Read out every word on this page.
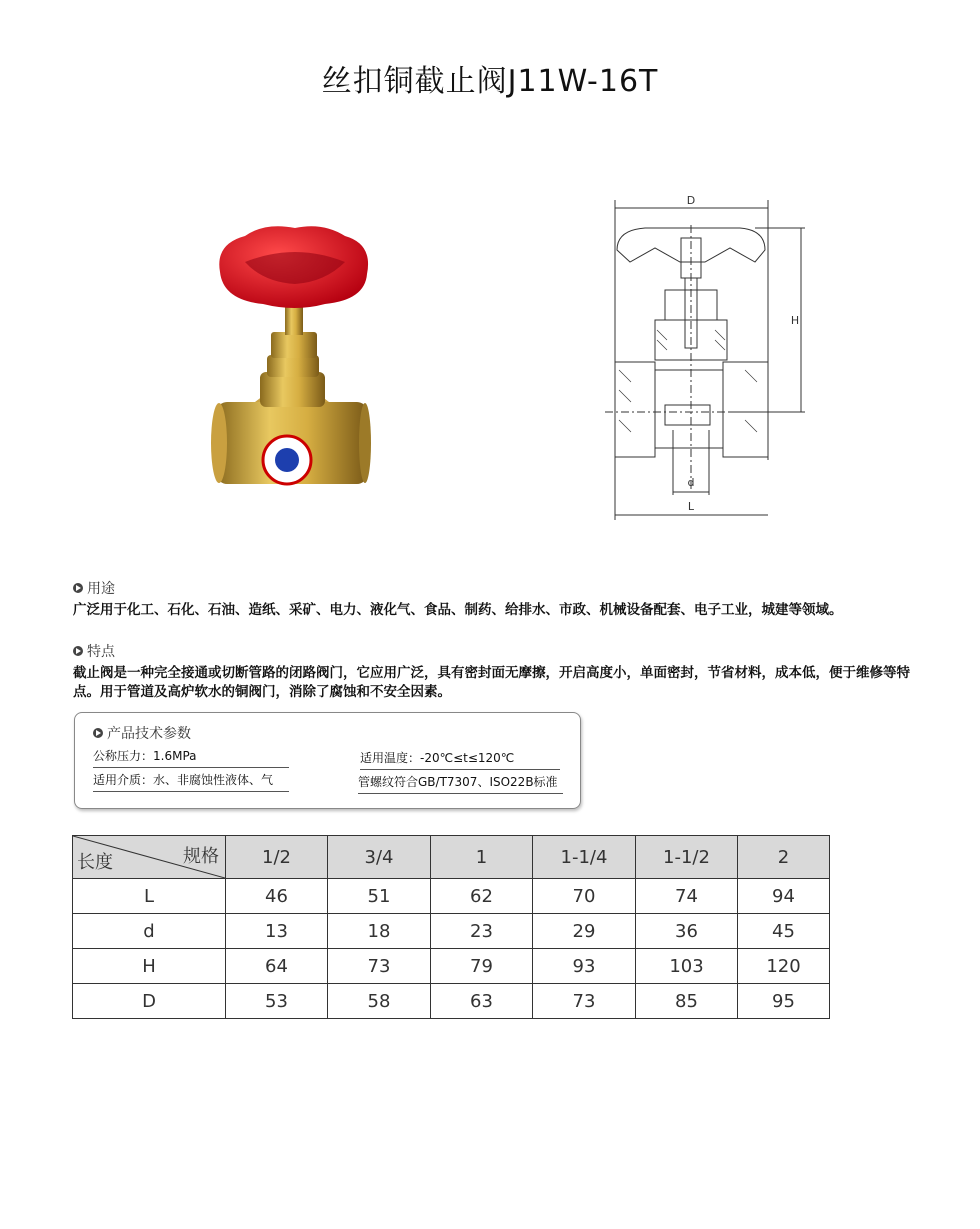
丝扣铜截止阀J11W-16T
D
H
d
L
用途
广泛用于化工、石化、石油、造纸、采矿、电力、液化气、食品、制药、给排水、市政、机械设备配套、电子工业，城建等领域。
特点
截止阀是一种完全接通或切断管路的闭路阀门，它应用广泛，具有密封面无摩擦，开启高度小，单面密封，节省材料，成本低，便于维修等特点。用于管道及高炉软水的铜阀门，消除了腐蚀和不安全因素。
产品技术参数
公称压力：1.6MPa	适用温度：-20℃≤t≤120℃
适用介质：水、非腐蚀性液体、气	管螺纹符合GB/T7307、ISO22B标准
规格
长度	1/2	3/4	1	1-1/4	1-1/2	2
L	46	51	62	70	74	94
d	13	18	23	29	36	45
H	64	73	79	93	103	120
D	53	58	63	73	85	95
